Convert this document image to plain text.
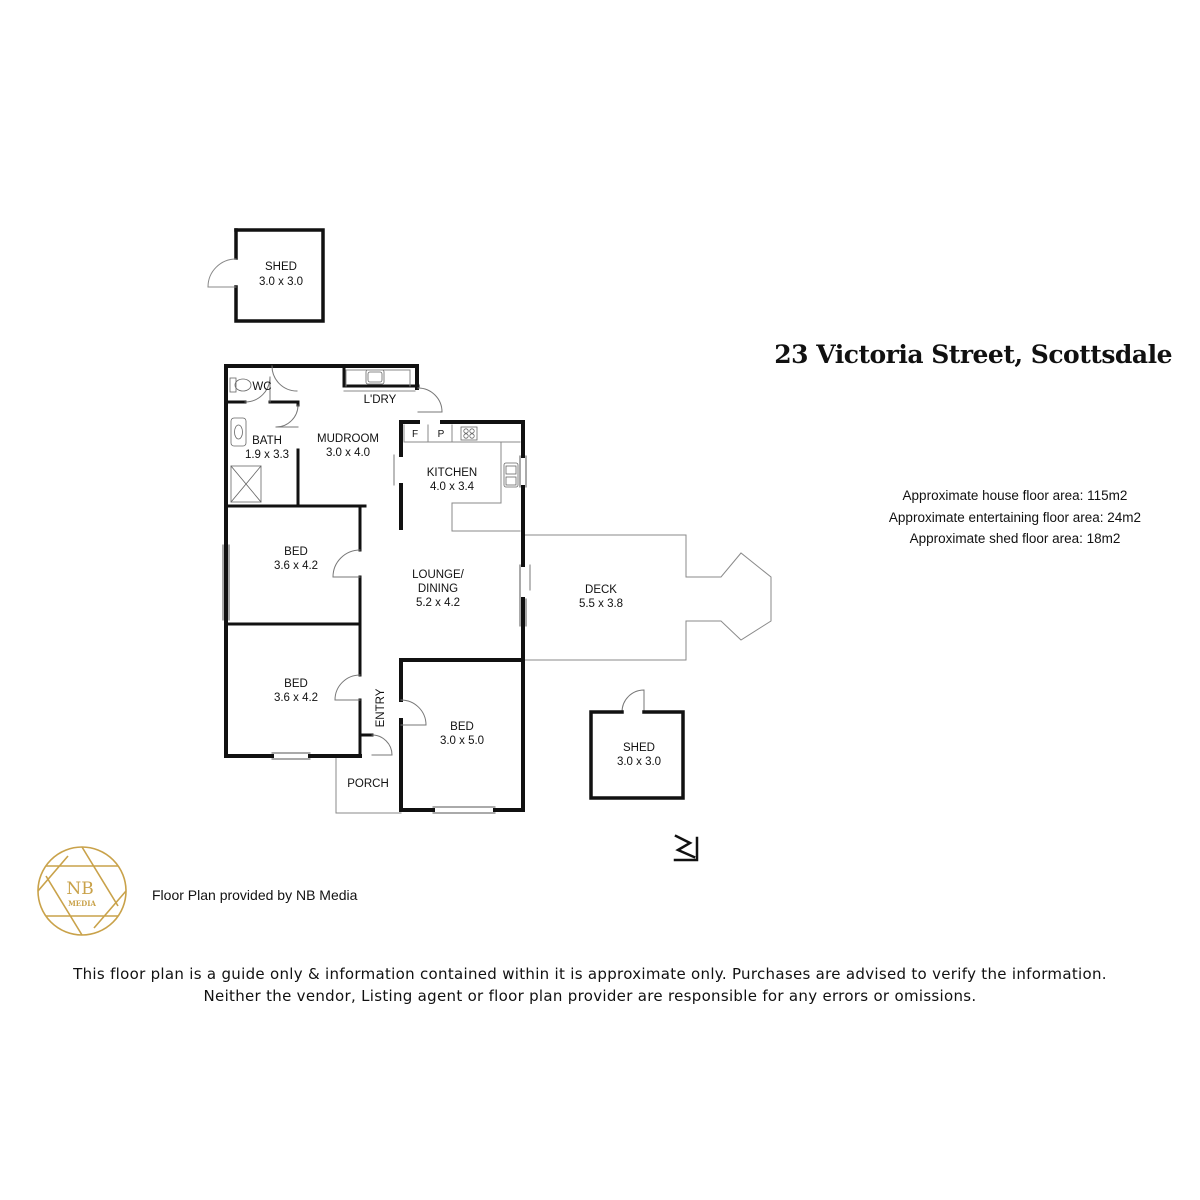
SHED
3.0 x 3.0
WC
L'DRY
BATH
1.9 x 3.3
MUDROOM
3.0 x 4.0
F P
KITCHEN
4.0 x 3.4
BED
3.6 x 4.2
LOUNGE/
DINING
5.2 x 4.2
DECK
5.5 x 3.8
BED
3.6 x 4.2	ENTRY	BED
3.0 x 5.0
PORCH
SHED
3.0 x 3.0
23 Victoria Street, Scottsdale
Approximate house floor area: 115m2
Approximate entertaining floor area: 24m2
Approximate shed floor area: 18m2
NB
MEDIA
Floor Plan provided by NB Media
This floor plan is a guide only & information contained within it is approximate only. Purchases are advised to verify the information.
Neither the vendor, Listing agent or floor plan provider are responsible for any errors or omissions.
